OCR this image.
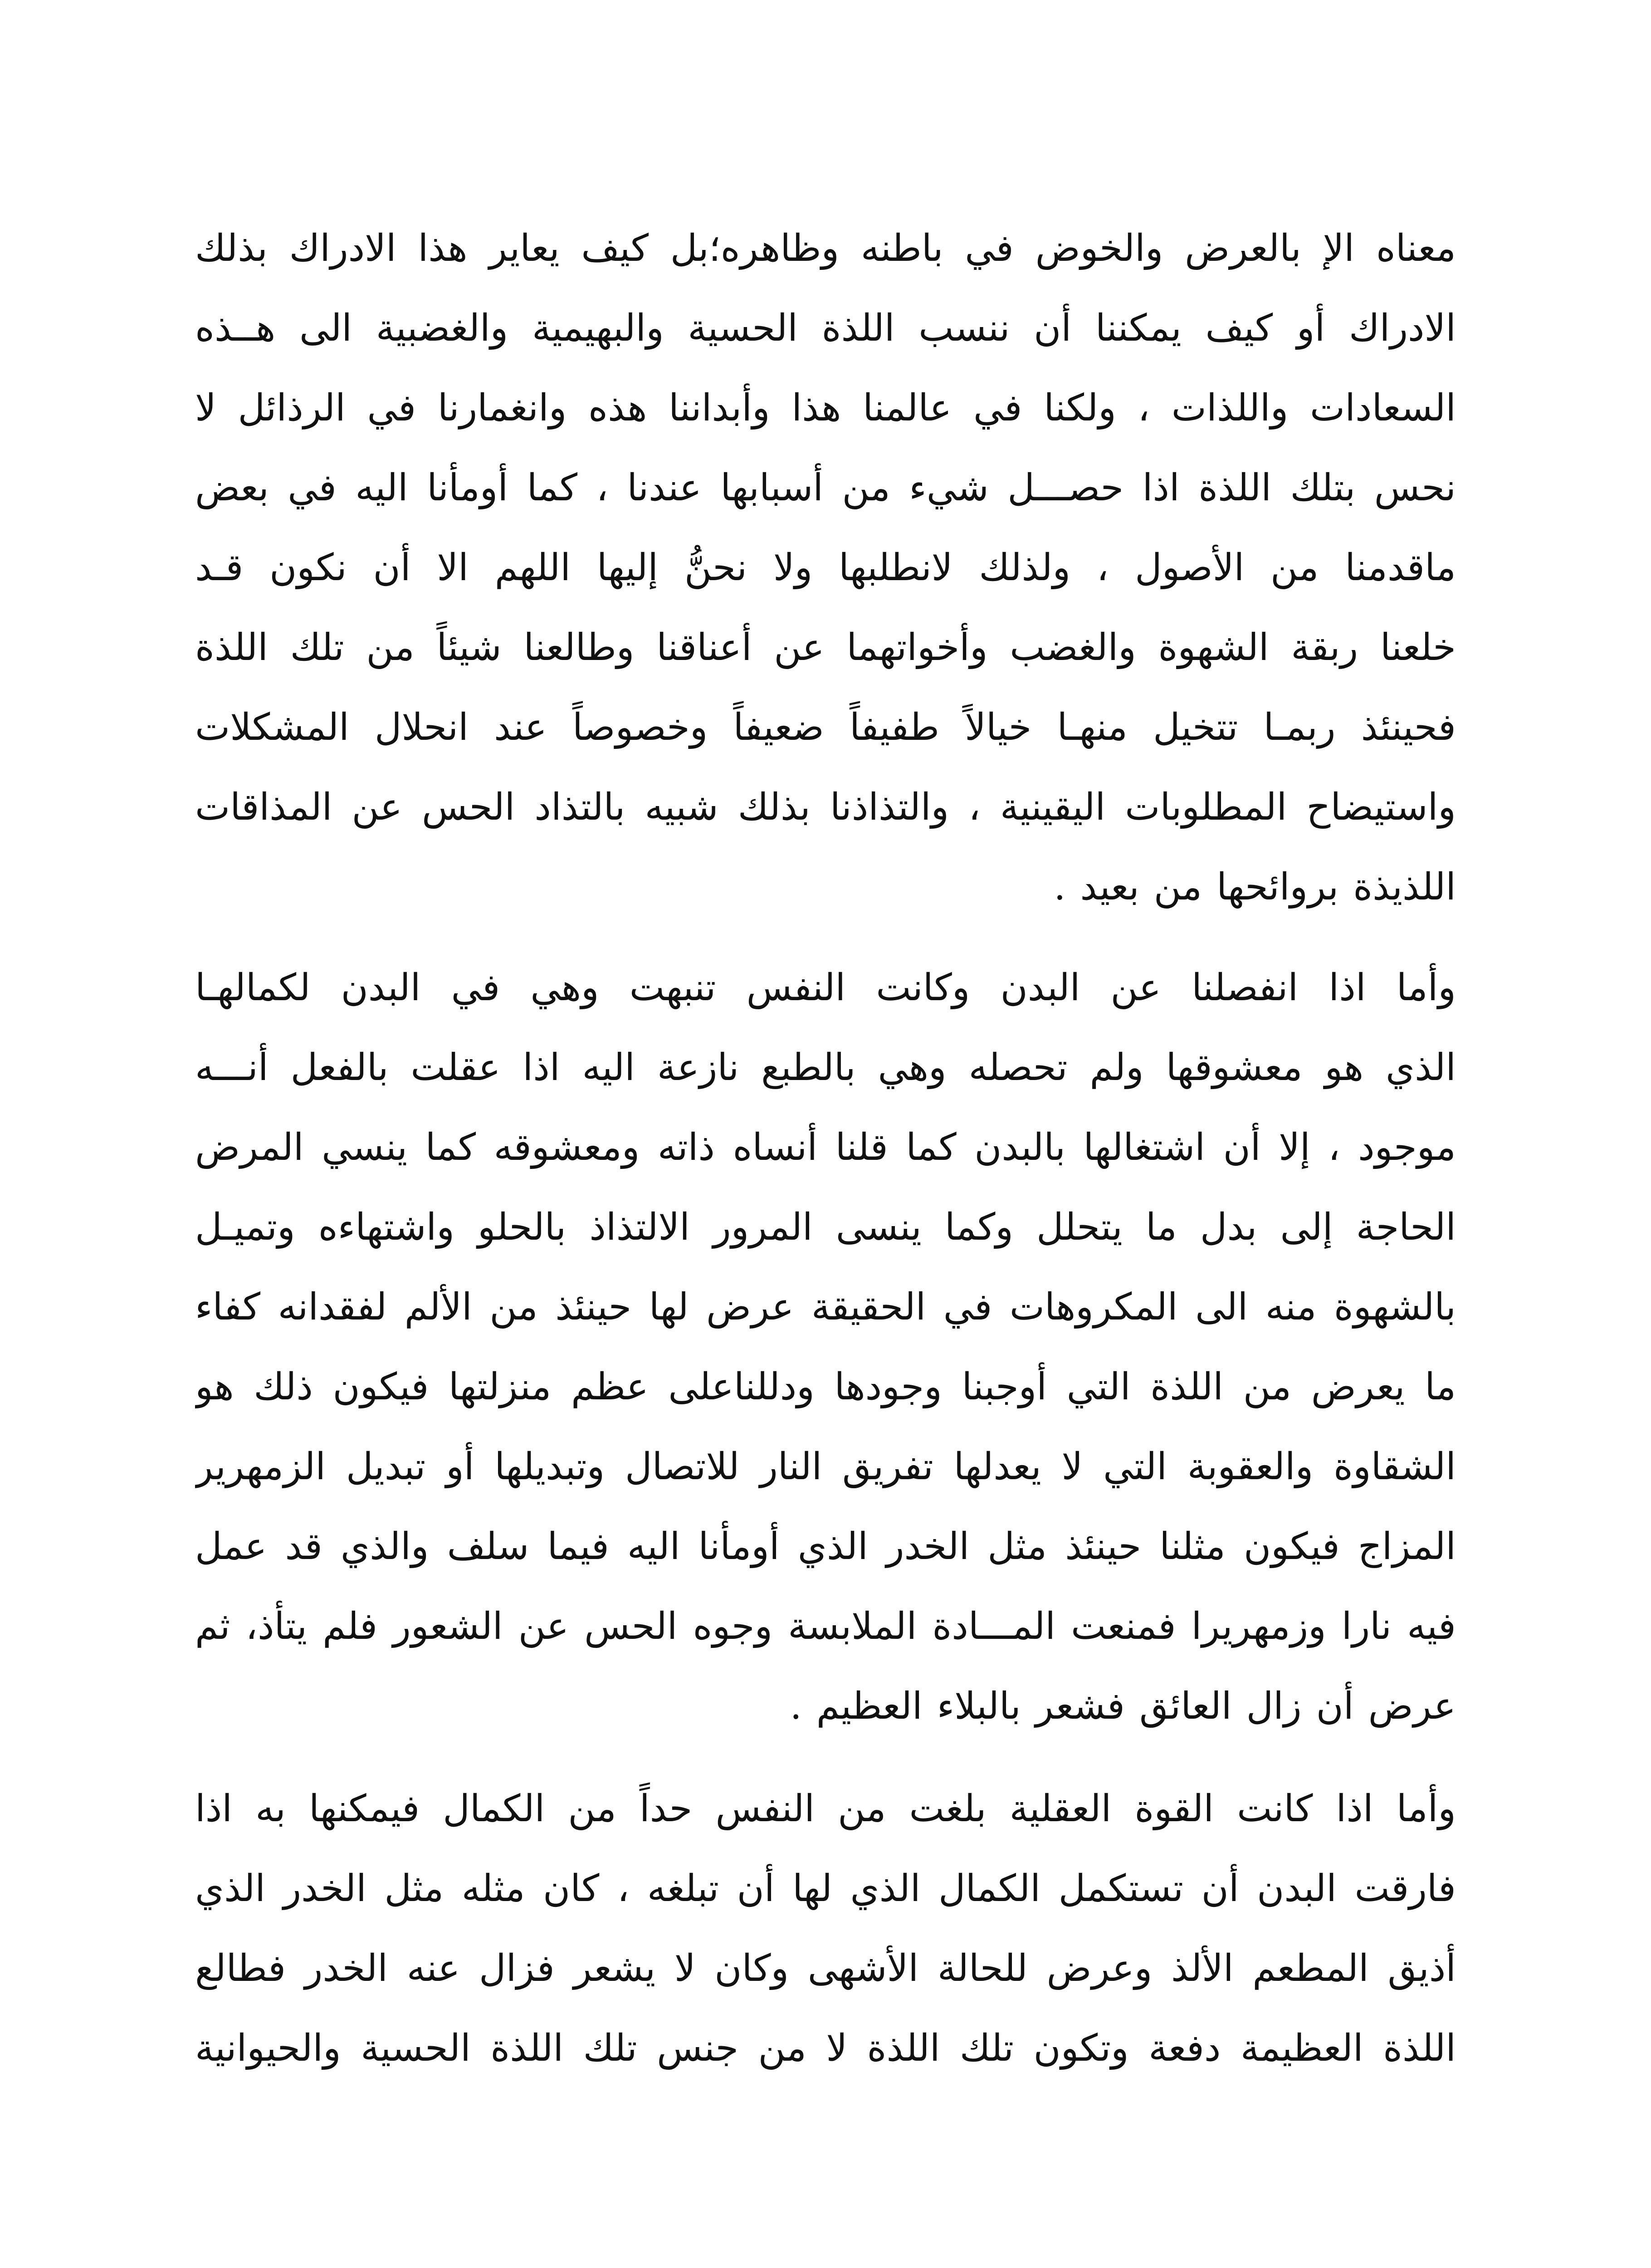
معناه الإ بالعرض والخوض في باطنه وظاهره؛بل كيف يعاير هذا الادراك بذلك
الادراك أو كيف يمكننا أن ننسب اللذة الحسية والبهيمية والغضبية الى هــذه
السعادات واللذات ، ولكنا في عالمنا هذا وأبداننا هذه وانغمارنا في الرذائل لا
نحس بتلك اللذة اذا حصـــل شيء من أسبابها عندنا ، كما أومأنا اليه في بعض
ماقدمنا من الأصول ، ولذلك لانطلبها ولا نحنُّ إليها اللهم الا أن نكون قـد
خلعنا ربقة الشهوة والغضب وأخواتهما عن أعناقنا وطالعنا شيئاً من تلك اللذة
فحينئذ ربمـا تتخيل منهـا خيالاً طفيفاً ضعيفاً وخصوصاً عند انحلال المشكلات
واستيضاح المطلوبات اليقينية ، والتذاذنا بذلك شبيه بالتذاد الحس عن المذاقات
اللذيذة بروائحها من بعيد .

وأما اذا انفصلنا عن البدن وكانت النفس تنبهت وهي في البدن لكمالهـا
الذي هو معشوقها ولم تحصله وهي بالطبع نازعة اليه اذا عقلت بالفعل أنـــه
موجود ، إلا أن اشتغالها بالبدن كما قلنا أنساه ذاته ومعشوقه كما ينسي المرض
الحاجة إلى بدل ما يتحلل وكما ينسى المرور الالتذاذ بالحلو واشتهاءه وتميـل
بالشهوة منه الى المكروهات في الحقيقة عرض لها حينئذ من الألم لفقدانه كفاء
ما يعرض من اللذة التي أوجبنا وجودها ودللناعلى عظم منزلتها فيكون ذلك هو
الشقاوة والعقوبة التي لا يعدلها تفريق النار للاتصال وتبديلها أو تبديل الزمهرير
المزاج فيكون مثلنا حينئذ مثل الخدر الذي أومأنا اليه فيما سلف والذي قد عمل
فيه نارا وزمهريرا فمنعت المـــادة الملابسة وجوه الحس عن الشعور فلم يتأذ، ثم
عرض أن زال العائق فشعر بالبلاء العظيم .

وأما اذا كانت القوة العقلية بلغت من النفس حداً من الكمال فيمكنها به اذا
فارقت البدن أن تستكمل الكمال الذي لها أن تبلغه ، كان مثله مثل الخدر الذي
أذيق المطعم الألذ وعرض للحالة الأشهى وكان لا يشعر فزال عنه الخدر فطالع
اللذة العظيمة دفعة وتكون تلك اللذة لا من جنس تلك اللذة الحسية والحيوانية
